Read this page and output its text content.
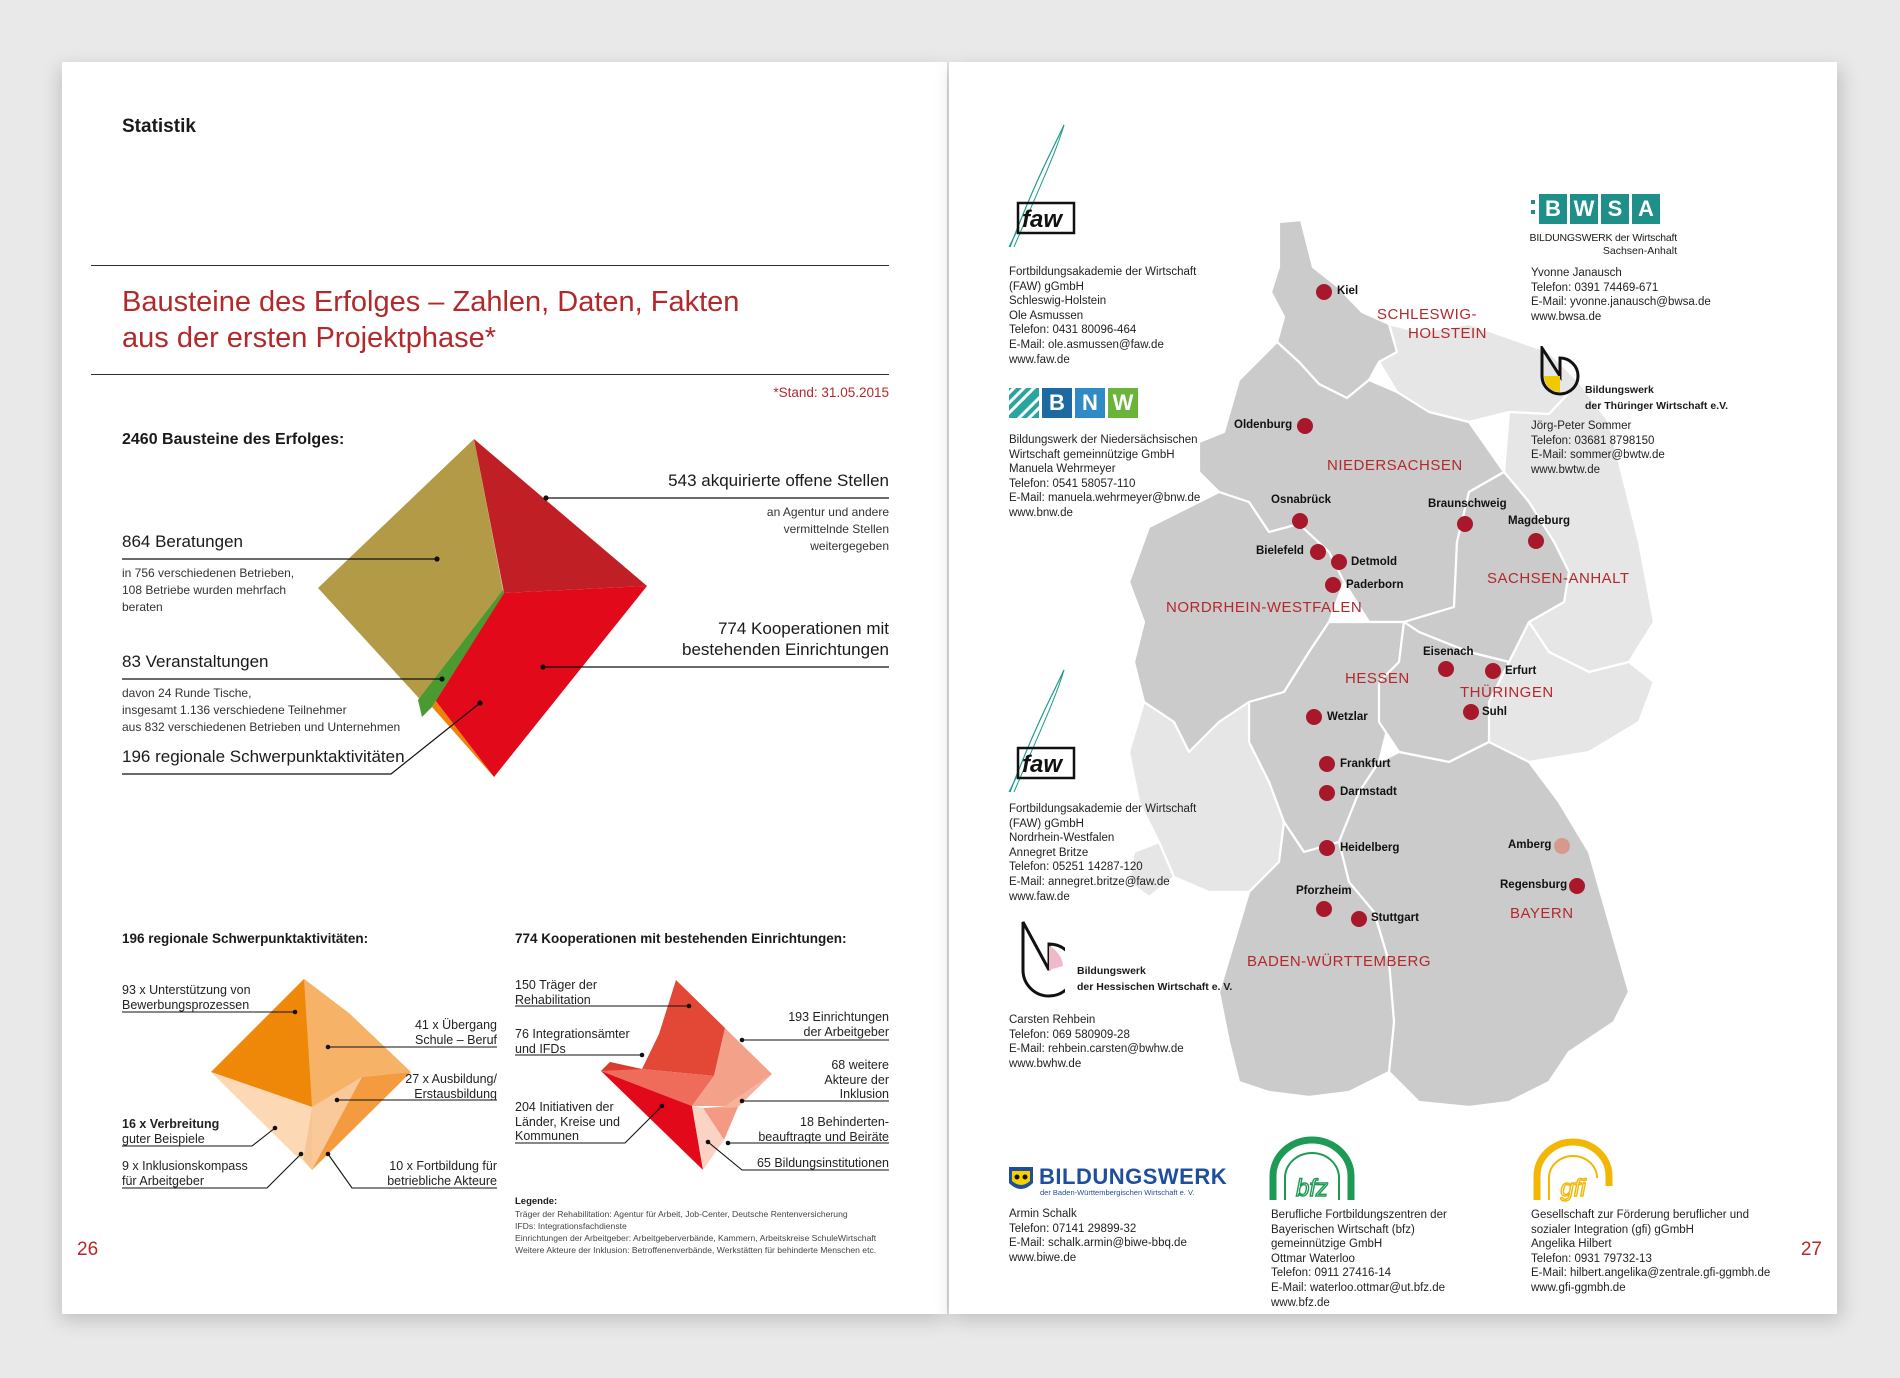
Statistik
Bausteine des Erfolges – Zahlen, Daten, Fakten
aus der ersten Projektphase*
*Stand: 31.05.2015
2460 Bausteine des Erfolges:
864 Beratungen
in 756 verschiedenen Betrieben,
108 Betriebe wurden mehrfach
beraten
83 Veranstaltungen
davon 24 Runde Tische,
insgesamt 1.136 verschiedene Teilnehmer
aus 832 verschiedenen Betrieben und Unternehmen
196 regionale Schwerpunktaktivitäten
543 akquirierte offene Stellen
an Agentur und andere
vermittelnde Stellen
weitergegeben
774 Kooperationen mit
bestehenden Einrichtungen
196 regionale Schwerpunktaktivitäten:
93 x Unterstützung von
Bewerbungsprozessen
41 x Übergang
Schule – Beruf
27 x Ausbildung/
Erstausbildung
16 x Verbreitung
guter Beispiele
9 x Inklusionskompass
für Arbeitgeber
10 x Fortbildung für
betriebliche Akteure
774 Kooperationen mit bestehenden Einrichtungen:
150 Träger der
Rehabilitation
76 Integrationsämter
und IFDs
204 Initiativen der
Länder, Kreise und
Kommunen
193 Einrichtungen
der Arbeitgeber
68 weitere
Akteure der
Inklusion
18 Behinderten-
beauftragte und Beiräte
65 Bildungsinstitutionen
Legende:
Träger der Rehabilitation: Agentur für Arbeit, Job-Center, Deutsche Rentenversicherung
IFDs: Integrationsfachdienste
Einrichtungen der Arbeitgeber: Arbeitgeberverbände, Kammern, Arbeitskreise SchuleWirtschaft
Weitere Akteure der Inklusion: Betroffenenverbände, Werkstätten für behinderte Menschen etc.
26
SCHLESWIG-
HOLSTEIN
NIEDERSACHSEN
SACHSEN-ANHALT
NORDRHEIN-WESTFALEN
HESSEN
THÜRINGEN
BAYERN
BADEN-WÜRTTEMBERG
Kiel
Oldenburg
Osnabrück	Braunschweig
Magdeburg
Bielefeld
Detmold
Paderborn
Eisenach
Erfurt
Suhl
Wetzlar
Frankfurt
Darmstadt
Heidelberg	Amberg
Regensburg
Pforzheim
Stuttgart
faw
Fortbildungsakademie der Wirtschaft
(FAW) gGmbH
Schleswig-Holstein
Ole Asmussen
Telefon: 0431 80096-464
E-Mail: ole.asmussen@faw.de
www.faw.de
B W S A
BILDUNGSWERK der Wirtschaft
Sachsen-Anhalt
Yvonne Janausch
Telefon: 0391 74469-671
E-Mail: yvonne.janausch@bwsa.de
www.bwsa.de
B N W
Bildungswerk der Niedersächsischen
Wirtschaft gemeinnützige GmbH
Manuela Wehrmeyer
Telefon: 0541 58057-110
E-Mail: manuela.wehrmeyer@bnw.de
www.bnw.de
Bildungswerk
der Thüringer Wirtschaft e.V.
Jörg-Peter Sommer
Telefon: 03681 8798150
E-Mail: sommer@bwtw.de
www.bwtw.de
faw
Fortbildungsakademie der Wirtschaft
(FAW) gGmbH
Nordrhein-Westfalen
Annegret Britze
Telefon: 05251 14287-120
E-Mail: annegret.britze@faw.de
www.faw.de
Bildungswerk
der Hessischen Wirtschaft e. V.
Carsten Rehbein
Telefon: 069 580909-28
E-Mail: rehbein.carsten@bwhw.de
www.bwhw.de
BILDUNGSWERK
der Baden-Württembergischen Wirtschaft e. V.
Armin Schalk
Telefon: 07141 29899-32
E-Mail: schalk.armin@biwe-bbq.de
www.biwe.de
bfz
Berufliche Fortbildungszentren der
Bayerischen Wirtschaft (bfz)
gemeinnützige GmbH
Ottmar Waterloo
Telefon: 0911 27416-14
E-Mail: waterloo.ottmar@ut.bfz.de
www.bfz.de
gfi
Gesellschaft zur Förderung beruflicher und
sozialer Integration (gfi) gGmbH
Angelika Hilbert
Telefon: 0931 79732-13
E-Mail: hilbert.angelika@zentrale.gfi-ggmbh.de
www.gfi-ggmbh.de
27
